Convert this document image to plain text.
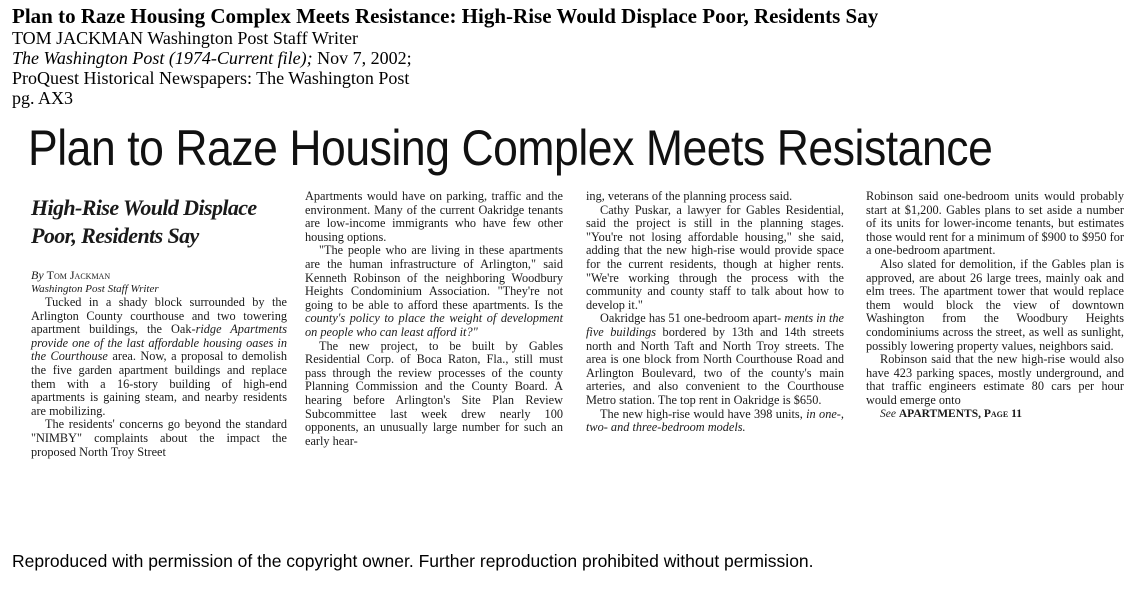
Plan to Raze Housing Complex Meets Resistance: High-Rise Would Displace Poor, Residents Say
TOM JACKMAN Washington Post Staff Writer
The Washington Post (1974-Current file); Nov 7, 2002;
ProQuest Historical Newspapers: The Washington Post
pg. AX3
Plan to Raze Housing Complex Meets Resistance
High-Rise Would Displace
Poor, Residents Say
By Tom Jackman
Washington Post Staff Writer

Tucked in a shady block surrounded by the Arlington County courthouse and two towering apartment buildings, the Oak-ridge Apartments provide one of the last affordable housing oases in the Courthouse area. Now, a proposal to demolish the five garden apartment buildings and replace them with a 16-story building of high-end apartments is gaining steam, and nearby residents are mobilizing.

The residents' concerns go beyond the standard "NIMBY" complaints about the impact the proposed North Troy Street

Apartments would have on parking, traffic and the environment. Many of the current Oakridge tenants are low-income immigrants who have few other housing options.

"The people who are living in these apartments are the human infrastructure of Arlington," said Kenneth Robinson of the neighboring Woodbury Heights Condominium Association. "They're not going to be able to afford these apartments. Is the county's policy to place the weight of development on people who can least afford it?"

The new project, to be built by Gables Residential Corp. of Boca Raton, Fla., still must pass through the review processes of the county Planning Commission and the County Board. A hearing before Arlington's Site Plan Review Subcommittee last week drew nearly 100 opponents, an unusually large number for such an early hear-

ing, veterans of the planning process said.

Cathy Puskar, a lawyer for Gables Residential, said the project is still in the planning stages. "You're not losing affordable housing," she said, adding that the new high-rise would provide space for the current residents, though at higher rents. "We're working through the process with the community and county staff to talk about how to develop it."

Oakridge has 51 one-bedroom apart- ments in the five buildings bordered by 13th and 14th streets north and North Taft and North Troy streets. The area is one block from North Courthouse Road and Arlington Boulevard, two of the county's main arteries, and also convenient to the Courthouse Metro station. The top rent in Oakridge is $650.

The new high-rise would have 398 units, in one-, two- and three-bedroom models.

Robinson said one-bedroom units would probably start at $1,200. Gables plans to set aside a number of its units for lower-income tenants, but estimates those would rent for a minimum of $900 to $950 for a one-bedroom apartment.

Also slated for demolition, if the Gables plan is approved, are about 26 large trees, mainly oak and elm trees. The apartment tower that would replace them would block the view of downtown Washington from the Woodbury Heights condominiums across the street, as well as sunlight, possibly lowering property values, neighbors said.

Robinson said that the new high-rise would also have 423 parking spaces, mostly underground, and that traffic engineers estimate 80 cars per hour would emerge onto

See APARTMENTS, Page 11

Reproduced with permission of the copyright owner. Further reproduction prohibited without permission.
